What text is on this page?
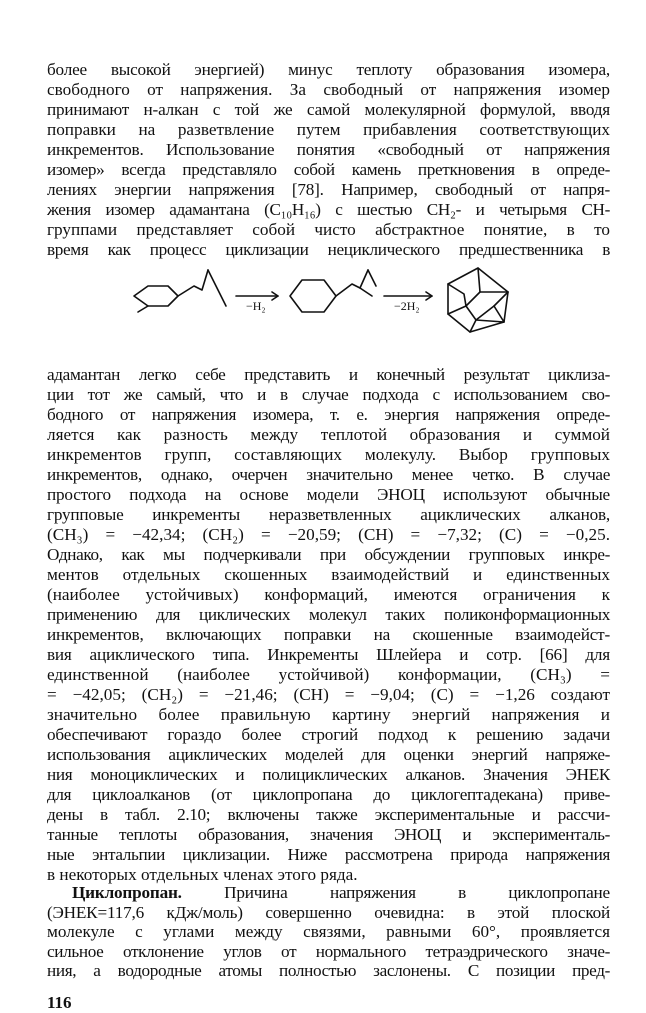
более высокой энергией) минус теплоту образования изомера,
свободного от напряжения. За свободный от напряжения изомер
принимают н-алкан с той же самой молекулярной формулой, вводя
поправки на разветвление путем прибавления соответствующих
инкрементов. Использование понятия «свободный от напряжения
изомер» всегда представляло собой камень преткновения в опреде-
лениях энергии напряжения [78]. Например, свободный от напря-
жения изомер адамантана (C₁₀H₁₆) с шестью CH₂- и четырьмя CH-
группами представляет собой чисто абстрактное понятие, в то
время как процесс циклизации нециклического предшественника в
−H₂	−2H₂
адамантан легко себе представить и конечный результат циклиза-
ции тот же самый, что и в случае подхода с использованием сво-
бодного от напряжения изомера, т. е. энергия напряжения опреде-
ляется как разность между теплотой образования и суммой
инкрементов групп, составляющих молекулу. Выбор групповых
инкрементов, однако, очерчен значительно менее четко. В случае
простого подхода на основе модели ЭНОЦ используют обычные
групповые инкременты неразветвленных ациклических алканов,
(CH₃) = −42,34; (CH₂) = −20,59; (CH) = −7,32; (C) = −0,25.
Однако, как мы подчеркивали при обсуждении групповых инкре-
ментов отдельных скошенных взаимодействий и единственных
(наиболее устойчивых) конформаций, имеются ограничения к
применению для циклических молекул таких поликонформационных
инкрементов, включающих поправки на скошенные взаимодейст-
вия ациклического типа. Инкременты Шлейера и сотр. [66] для
единственной (наиболее устойчивой) конформации, (CH₃) =
= −42,05; (CH₂) = −21,46; (CH) = −9,04; (C) = −1,26 создают
значительно более правильную картину энергий напряжения и
обеспечивают гораздо более строгий подход к решению задачи
использования ациклических моделей для оценки энергий напряже-
ния моноциклических и полициклических алканов. Значения ЭНЕК
для циклоалканов (от циклопропана до циклогептадекана) приве-
дены в табл. 2.10; включены также экспериментальные и рассчи-
танные теплоты образования, значения ЭНОЦ и эксперименталь-
ные энтальпии циклизации. Ниже рассмотрена природа напряжения
в некоторых отдельных членах этого ряда.
Циклопропан. Причина напряжения в циклопропане
(ЭНЕК=117,6 кДж/моль) совершенно очевидна: в этой плоской
молекуле с углами между связями, равными 60°, проявляется
116
сильное отклонение углов от нормального тетраэдрического значе-
ния, а водородные атомы полностью заслонены. С позиции пред-
